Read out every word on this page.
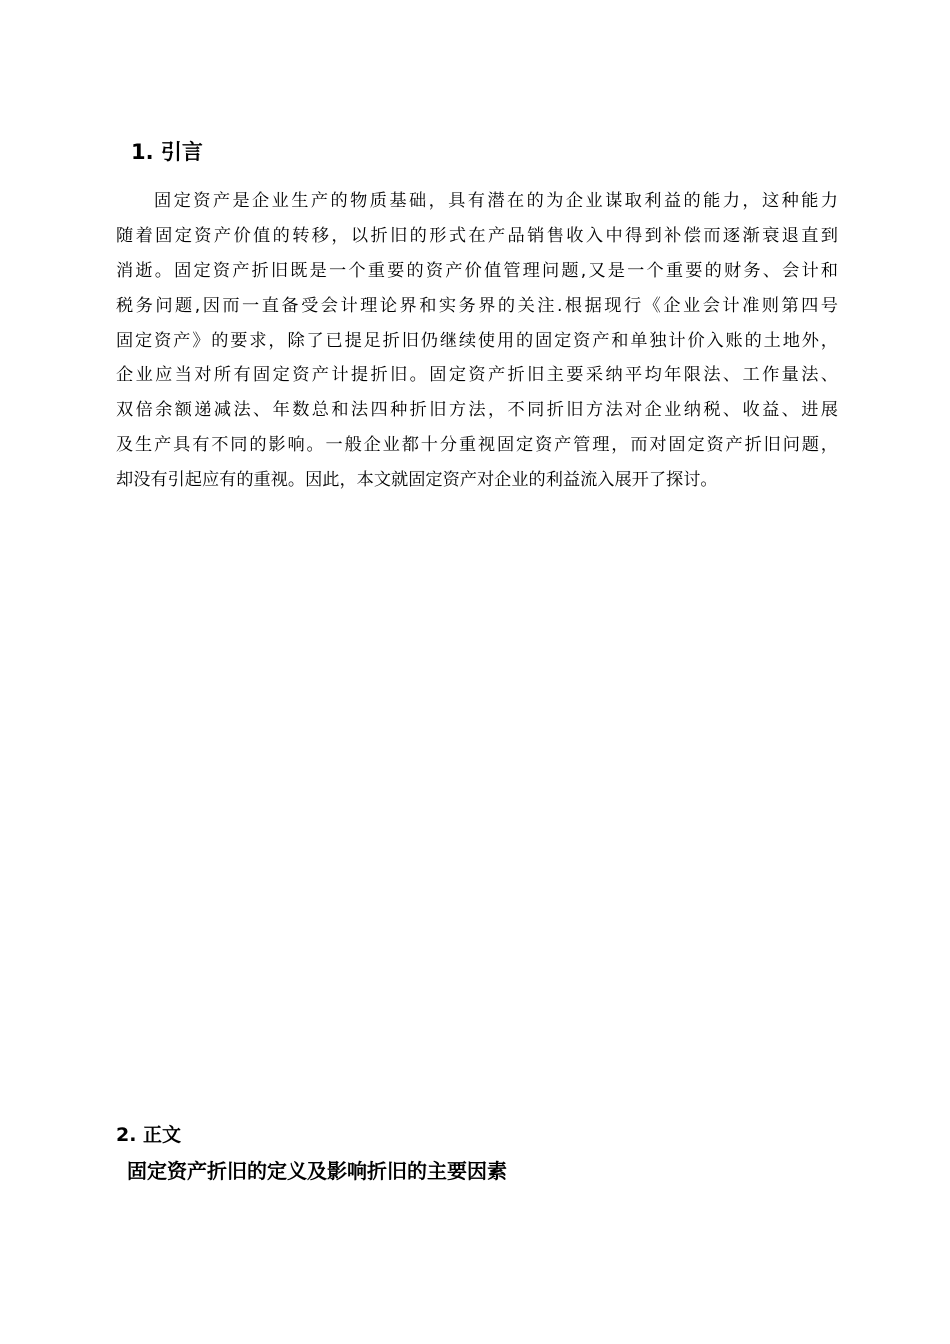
1. 引言
固定资产是企业生产的物质基础，具有潜在的为企业谋取利益的能力，这种能力
随着固定资产价值的转移，以折旧的形式在产品销售收入中得到补偿而逐渐衰退直到
消逝。固定资产折旧既是一个重要的资产价值管理问题,又是一个重要的财务、会计和
税务问题,因而一直备受会计理论界和实务界的关注.根据现行《企业会计准则第四号
固定资产》的要求，除了已提足折旧仍继续使用的固定资产和单独计价入账的土地外，
企业应当对所有固定资产计提折旧。固定资产折旧主要采纳平均年限法、工作量法、
双倍余额递减法、年数总和法四种折旧方法，不同折旧方法对企业纳税、收益、进展
及生产具有不同的影响。一般企业都十分重视固定资产管理，而对固定资产折旧问题，
却没有引起应有的重视。因此，本文就固定资产对企业的利益流入展开了探讨。
2. 正文
固定资产折旧的定义及影响折旧的主要因素
